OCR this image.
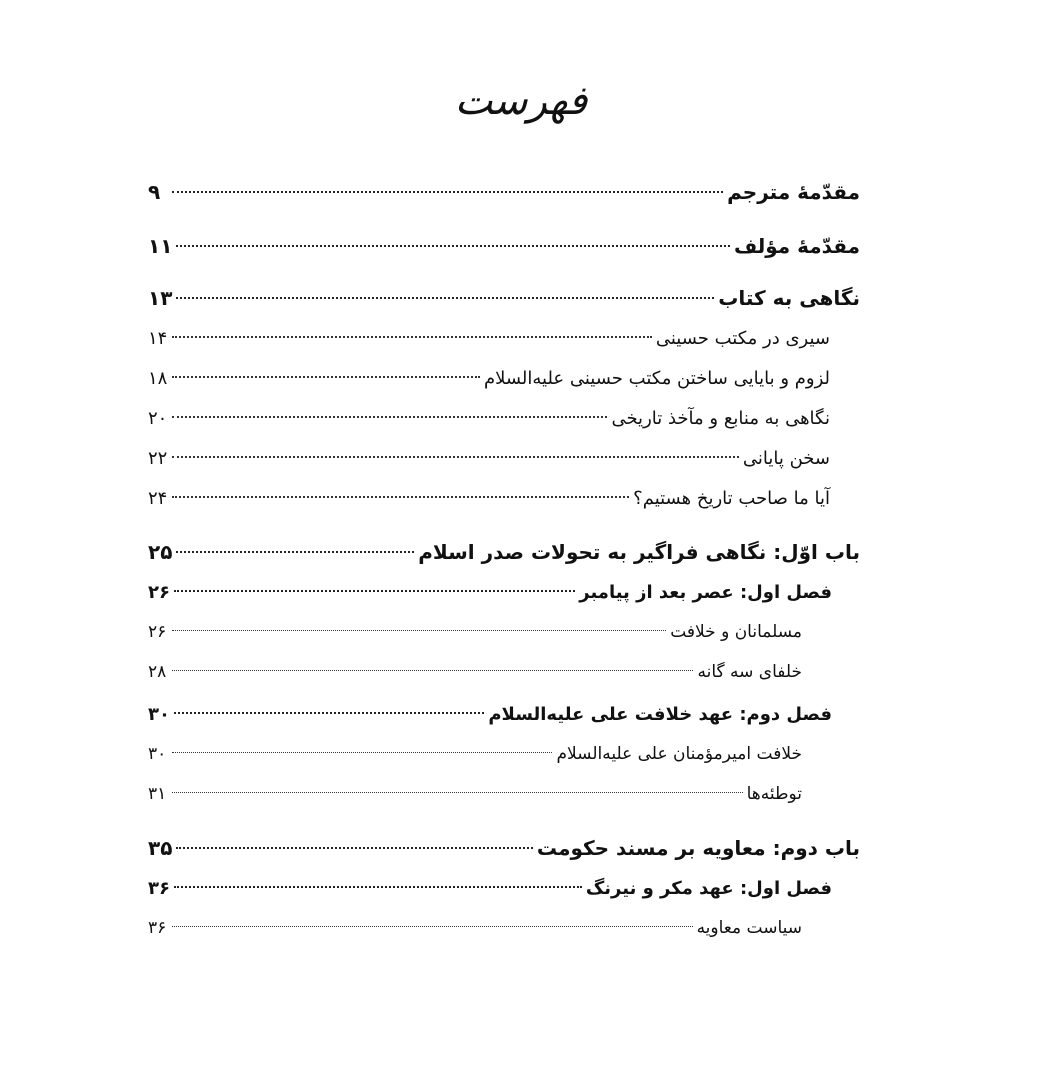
فهرست
مقدّمهٔ مترجم
۹
مقدّمهٔ مؤلف
۱۱
نگاهی به کتاب
۱۳
سیری در مکتب حسینی
۱۴
لزوم و بایایی ساختن مکتب حسینی علیه‌السلام
۱۸
نگاهی به منابع و مآخذ تاریخی
۲۰
سخن پایانی
۲۲
آیا ما صاحب تاریخ هستیم؟
۲۴
باب اوّل: نگاهی فراگیر به تحولات صدر اسلام
۲۵
فصل اول: عصر بعد از پیامبر
۲۶
مسلمانان و خلافت
۲۶
خلفای سه گانه
۲۸
فصل دوم: عهد خلافت علی علیه‌السلام
۳۰
خلافت امیرمؤمنان علی علیه‌السلام
۳۰
توطئه‌ها
۳۱
باب دوم: معاویه بر مسند حکومت
۳۵
فصل اول: عهد مکر و نیرنگ
۳۶
سیاست معاویه
۳۶
